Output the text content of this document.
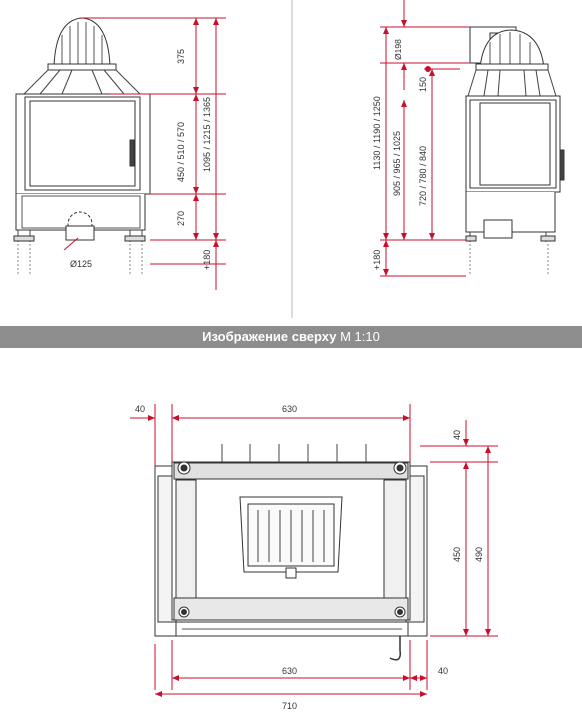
Ø125
375
450 / 510 / 570
270
1095 / 1215 / 1365
+180
Ø198
1130 / 1190 / 1250 905 / 965 / 1025 720 / 780 / 840
150
+180
40	630
40
450 490
630	40
710
Изображение сверху М 1:10
